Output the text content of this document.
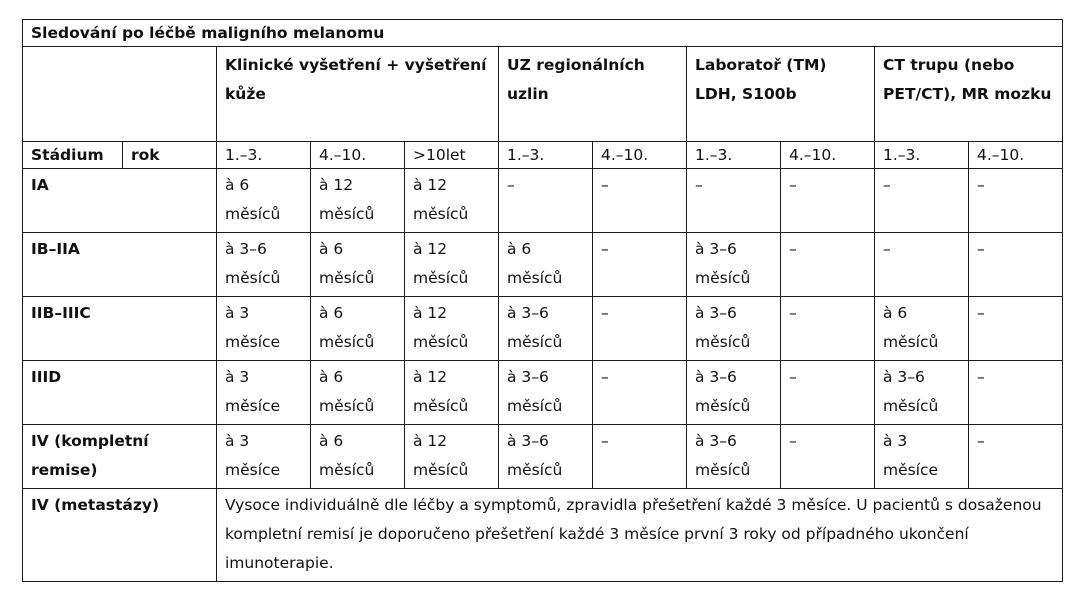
Sledování po léčbě maligního melanomu										
		Klinické vyšetření + vyšetření kůže			UZ regionálních uzlin		Laboratoř (TM) LDH, S100b		CT trupu (nebo PET/CT), MR mozku	
Stádium	rok	1.–3.	4.–10.	>10let	1.–3.	4.–10.	1.–3.	4.–10.	1.–3.	4.–10.
IA		à 6 měsíců	à 12 měsíců	à 12 měsíců	–	–	–	–	–	–
IB–IIA		à 3–6 měsíců	à 6 měsíců	à 12 měsíců	à 6 měsíců	–	à 3–6 měsíců	–	–	–
IIB–IIIC		à 3 měsíce	à 6 měsíců	à 12 měsíců	à 3–6 měsíců	–	à 3–6 měsíců	–	à 6 měsíců	–
IIID		à 3 měsíce	à 6 měsíců	à 12 měsíců	à 3–6 měsíců	–	à 3–6 měsíců	–	à 3–6 měsíců	–
IV (kompletní remise)		à 3 měsíce	à 6 měsíců	à 12 měsíců	à 3–6 měsíců	–	à 3–6 měsíců	–	à 3 měsíce	–
IV (metastázy)		Vysoce individuálně dle léčby a symptomů, zpravidla přešetření každé 3 měsíce. U pacientů s dosaženou kompletní remisí je doporučeno přešetření každé 3 měsíce první 3 roky od případného ukončení imunoterapie.								
